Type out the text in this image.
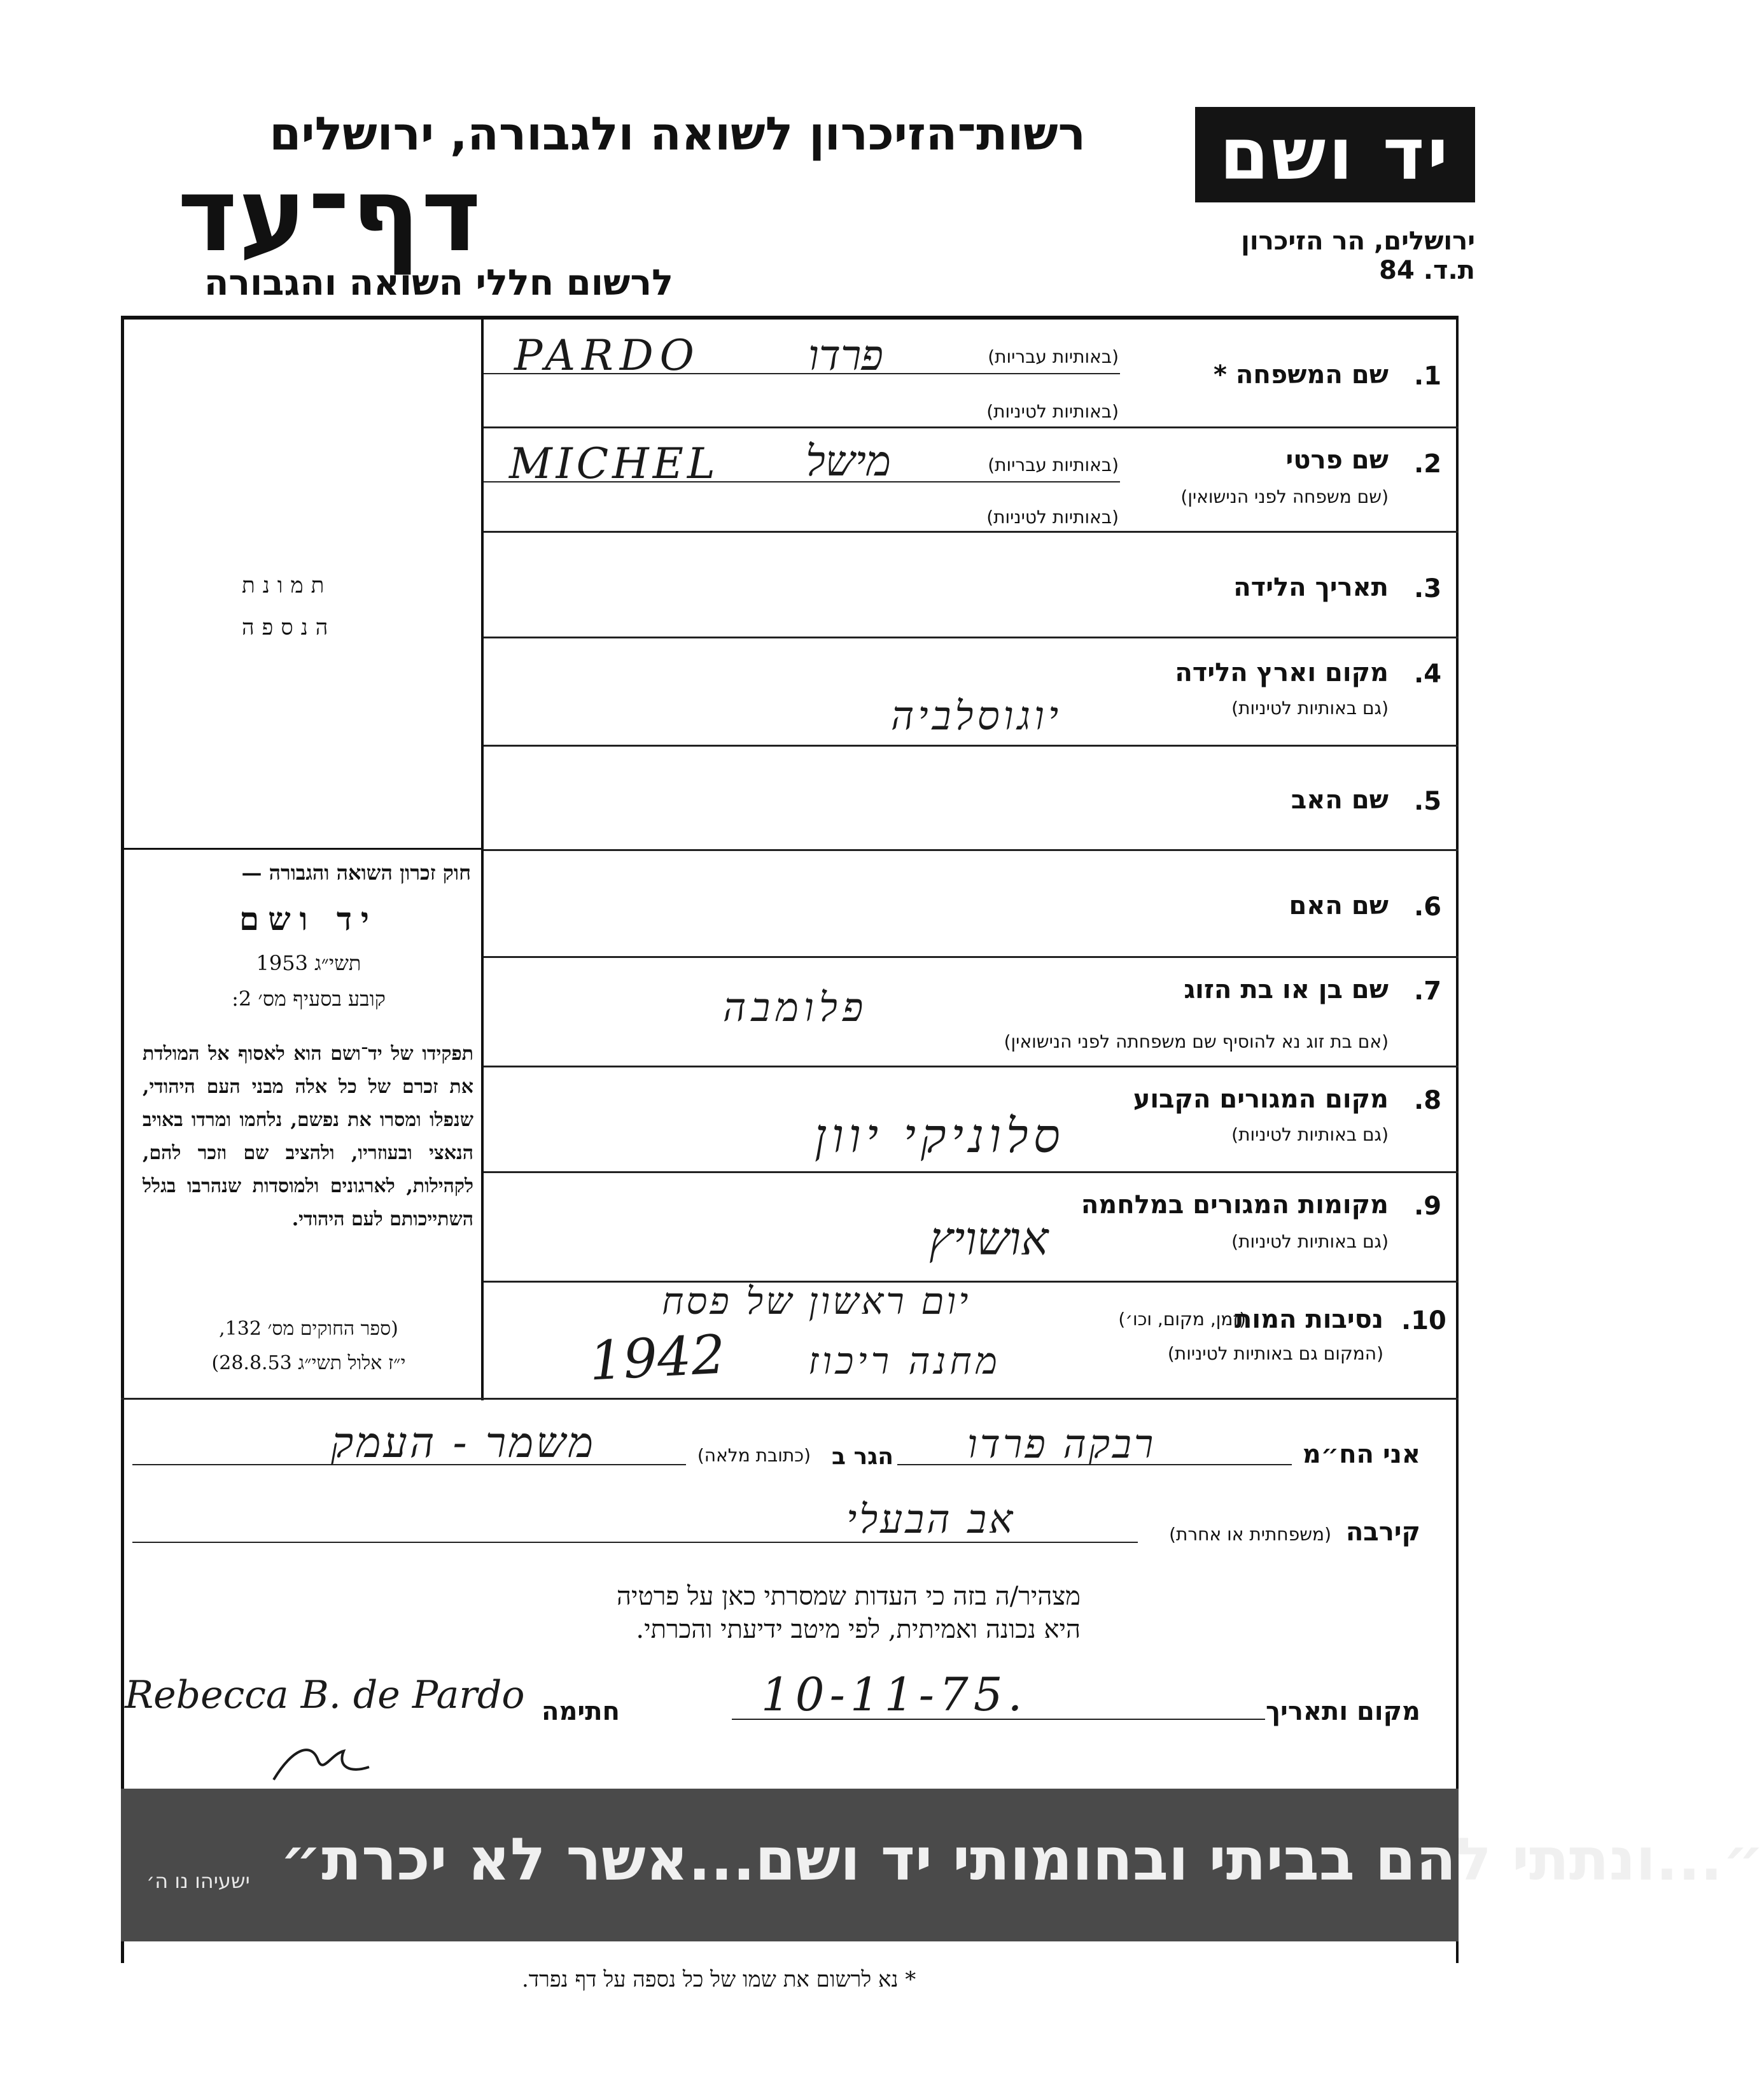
יד ושם
ירושלים, הר הזיכרון
ת.ד. 84
רשות־הזיכרון לשואה ולגבורה, ירושלים
דף־עד
לרשום חללי השואה והגבורה
תמונת
הנספה
חוק זכרון השואה והגבורה —
יד ושם
תשי״ג 1953
קובע בסעיף מס׳ 2:
תפקידו של יד־ושם הוא לאסוף אל המולדת את זכרם של כל אלה מבני העם היהודי, שנפלו ומסרו את נפשם, נלחמו ומרדו באויב הנאצי ובעוזריו, ולהציב שם וזכר להם, לקהילות, לארגונים ולמוסדות שנהרבו בגלל השתייכותם לעם היהודי.
(ספר החוקים מס׳ 132,
י״ז אלול תשי״ג 28.8.53)
1.
שם המשפחה *
(באותיות עבריות)
(באותיות לטיניות)
PARDO	פרדו
2.
שם פרטי
(שם משפחה לפני הנישואין)
(באותיות עבריות)
(באותיות לטיניות)
MICHEL מישל
3.
תאריך הלידה
4.
מקום וארץ הלידה
(גם באותיות לטיניות)
יוגוסלביה
5.
שם האב
6.
שם האם
7.
שם בן או בת הזוג
(אם בת זוג נא להוסיף שם משפחתה לפני הנישואין)
פלומבה
8.
מקום המגורים הקבוע
(גם באותיות לטיניות)
סלוניקי יוון
9.
מקומות המגורים במלחמה
(גם באותיות לטיניות)
אושויץ
10.
נסיבות המות
(זמן, מקום, וכו׳)
(המקום גם באותיות לטיניות)
יום ראשון של פסח
מחנה ריכוז
1942
אני הח״מ
רבקה פרדו
הגר ב
(כתובת מלאה)
משמר - העמק
קירבה
(משפחתית או אחרת)
אב הבעלי
מצהיר/ה בזה כי העדות שמסרתי כאן על פרטיה
היא נכונה ואמיתית, לפי מיטב ידיעתי והכרתי.
מקום ותאריך
10-11-75.
חתימה
Rebecca B. de Pardo
״...ונתתי להם בביתי ובחומותי יד ושם...אשר לא יכרת״
ישעיהו נו ה׳
* נא לרשום את שמו של כל נספה על דף נפרד.
